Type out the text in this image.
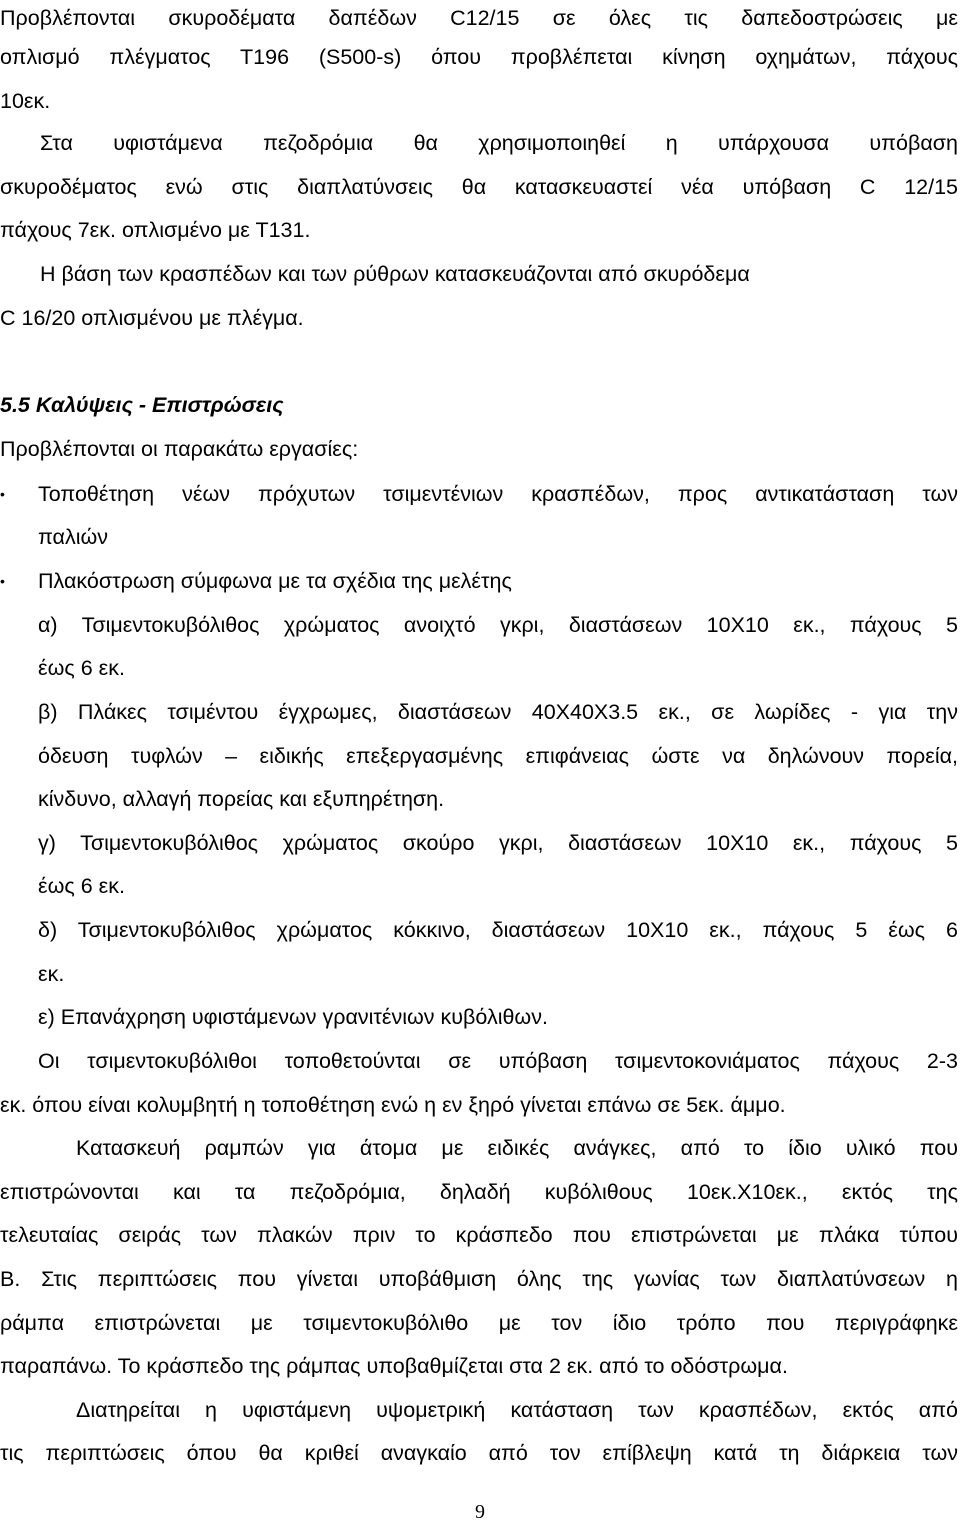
Προβλέπονται σκυροδέματα δαπέδων C12/15 σε όλες τις δαπεδοστρώσεις με
οπλισμό πλέγματος Τ196 (S500-s) όπου προβλέπεται κίνηση οχημάτων, πάχους
10εκ.
Στα υφιστάμενα πεζοδρόμια θα χρησιμοποιηθεί η υπάρχουσα υπόβαση
σκυροδέματος ενώ στις διαπλατύνσεις θα κατασκευαστεί νέα υπόβαση C 12/15
πάχους 7εκ. οπλισμένο με Τ131.
Η βάση των κρασπέδων και των ρύθρων κατασκευάζονται από σκυρόδεμα
C 16/20 οπλισμένου με πλέγμα.
5.5 Καλύψεις - Επιστρώσεις
Προβλέπονται οι παρακάτω εργασίες:
• Τοποθέτηση νέων πρόχυτων τσιμεντένιων κρασπέδων, προς αντικατάσταση των
παλιών
• Πλακόστρωση σύμφωνα με τα σχέδια της μελέτης
α) Τσιμεντοκυβόλιθος χρώματος ανοιχτό γκρι, διαστάσεων 10Χ10 εκ., πάχους 5
έως 6 εκ.
β) Πλάκες τσιμέντου έγχρωμες, διαστάσεων 40Χ40Χ3.5 εκ., σε λωρίδες - για την
όδευση τυφλών – ειδικής επεξεργασμένης επιφάνειας ώστε να δηλώνουν πορεία,
κίνδυνο, αλλαγή πορείας και εξυπηρέτηση.
γ) Τσιμεντοκυβόλιθος χρώματος σκούρο γκρι, διαστάσεων 10Χ10 εκ., πάχους 5
έως 6 εκ.
δ) Τσιμεντοκυβόλιθος χρώματος κόκκινο, διαστάσεων 10Χ10 εκ., πάχους 5 έως 6
εκ.
ε) Επανάχρηση υφιστάμενων γρανιτένιων κυβόλιθων.
Οι τσιμεντοκυβόλιθοι τοποθετούνται σε υπόβαση τσιμεντοκονιάματος πάχους 2-3
εκ. όπου είναι κολυμβητή η τοποθέτηση ενώ η εν ξηρό γίνεται επάνω σε 5εκ. άμμο.
Κατασκευή ραμπών για άτομα με ειδικές ανάγκες, από το ίδιο υλικό που
επιστρώνονται και τα πεζοδρόμια, δηλαδή κυβόλιθους 10εκ.Χ10εκ., εκτός της
τελευταίας σειράς των πλακών πριν το κράσπεδο που επιστρώνεται με πλάκα τύπου
Β. Στις περιπτώσεις που γίνεται υποβάθμιση όλης της γωνίας των διαπλατύνσεων η
ράμπα επιστρώνεται με τσιμεντοκυβόλιθο με τον ίδιο τρόπο που περιγράφηκε
παραπάνω. Το κράσπεδο της ράμπας υποβαθμίζεται στα 2 εκ. από το οδόστρωμα.
Διατηρείται η υφιστάμενη υψομετρική κατάσταση των κρασπέδων, εκτός από
τις περιπτώσεις όπου θα κριθεί αναγκαίο από τον επίβλεψη κατά τη διάρκεια των
9
